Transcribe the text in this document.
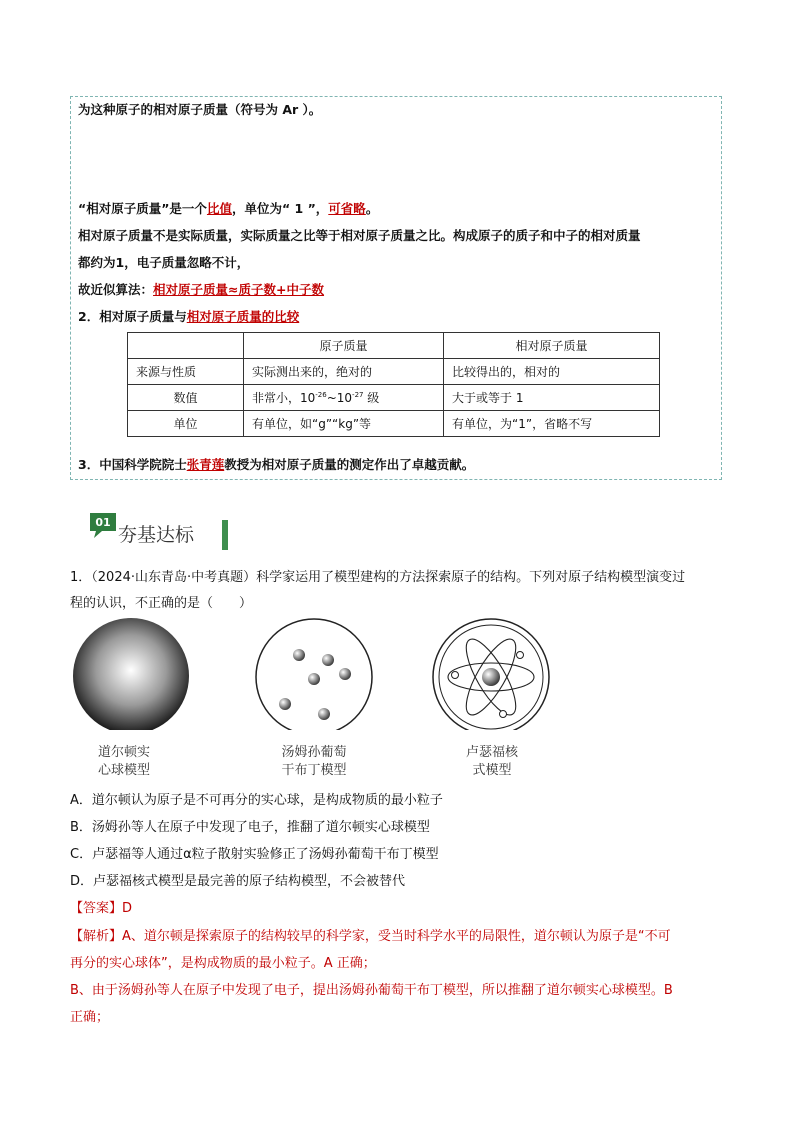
为这种原子的相对原子质量（符号为 Ar ）。
“相对原子质量”是一个比值，单位为“ 1 ”，可省略。
相对原子质量不是实际质量，实际质量之比等于相对原子质量之比。构成原子的质子和中子的相对质量
都约为1，电子质量忽略不计，
故近似算法：相对原子质量≈质子数+中子数
2．相对原子质量与相对原子质量的比较
	原子质量	相对原子质量
来源与性质	实际测出来的，绝对的	比较得出的，相对的
数值	非常小，$10^{-26}\sim 10^{-27}$ 级	大于或等于 1
单位	有单位，如“g”“kg”等	有单位，为“1”，省略不写
3．中国科学院院士张青莲教授为相对原子质量的测定作出了卓越贡献。
01
夯基达标
1．（2024·山东青岛·中考真题）科学家运用了模型建构的方法探索原子的结构。下列对原子结构模型演变过
程的认识，不正确的是（　　）
道尔顿实
心球模型
汤姆孙葡萄
干布丁模型
卢瑟福核
式模型
A．道尔顿认为原子是不可再分的实心球，是构成物质的最小粒子
B．汤姆孙等人在原子中发现了电子，推翻了道尔顿实心球模型
C．卢瑟福等人通过α粒子散射实验修正了汤姆孙葡萄干布丁模型
D．卢瑟福核式模型是最完善的原子结构模型，不会被替代
【答案】D
【解析】A、道尔顿是探索原子的结构较早的科学家，受当时科学水平的局限性，道尔顿认为原子是“不可
再分的实心球体”，是构成物质的最小粒子。A 正确；
B、由于汤姆孙等人在原子中发现了电子，提出汤姆孙葡萄干布丁模型，所以推翻了道尔顿实心球模型。B
正确；
